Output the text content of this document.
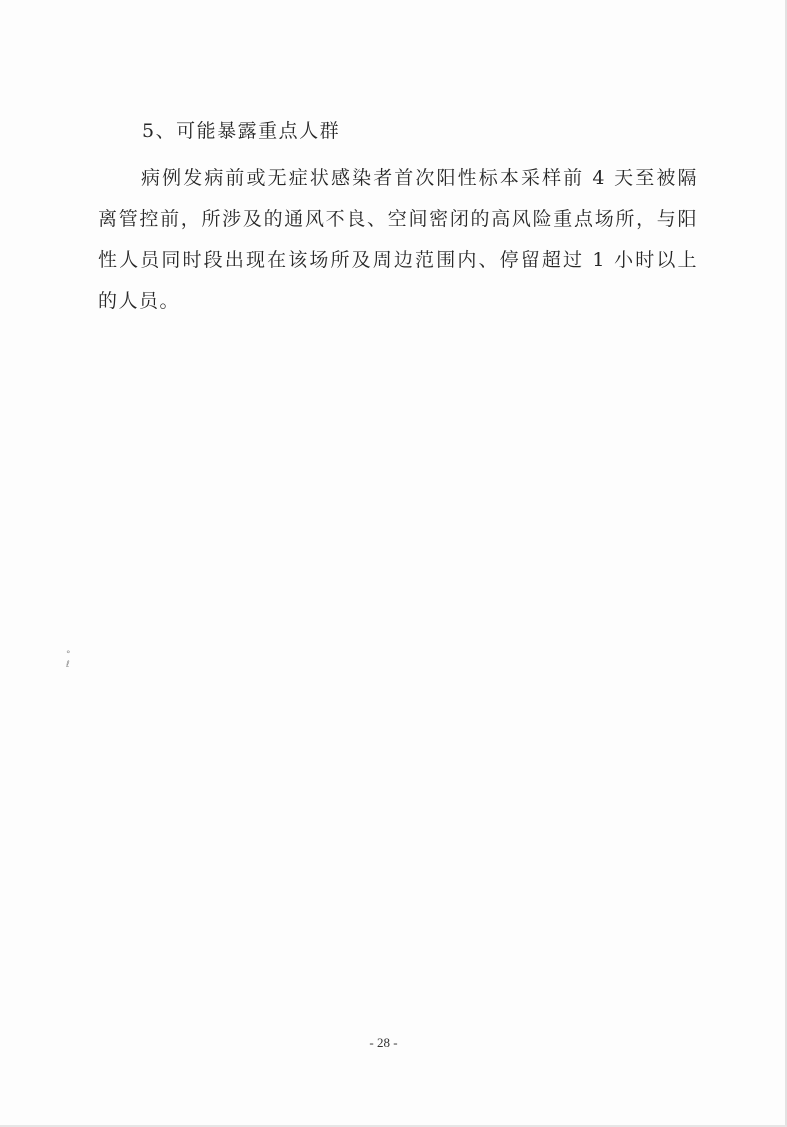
5、可能暴露重点人群

病例发病前或无症状感染者首次阳性标本采样前 4 天至被隔离管控前，所涉及的通风不良、空间密闭的高风险重点场所，与阳性人员同时段出现在该场所及周边范围内、停留超过 1 小时以上的人员。

°
ℓ
- 28 -
